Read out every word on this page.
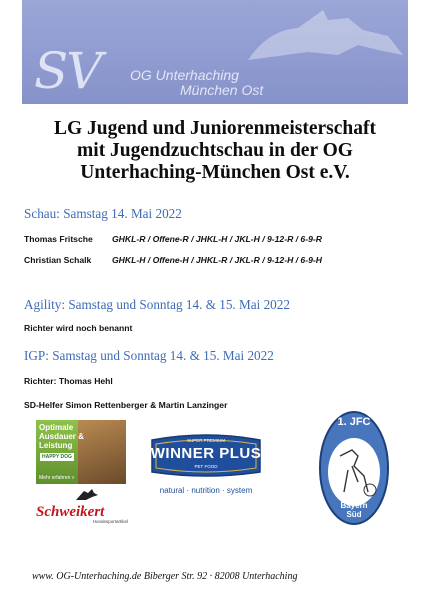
SV OG Unterhaching
München Ost
LG Jugend und Juniorenmeisterschaft
mit Jugendzuchtschau in der OG
Unterhaching-München Ost e.V.
Schau: Samstag 14. Mai 2022
Thomas Fritsche GHKL-R / Offene-R / JHKL-H / JKL-H / 9-12-R / 6-9-R
Christian Schalk GHKL-H / Offene-H / JHKL-R / JKL-R / 9-12-H / 6-9-H
Agility: Samstag und Sonntag 14. & 15. Mai 2022
Richter wird noch benannt
IGP: Samstag und Sonntag 14. & 15. Mai 2022
Richter: Thomas Hehl
SD-Helfer Simon Rettenberger & Martin Lanzinger
Optimale
Ausdauer &
Leistung
HAPPY DOG
Mehr erfahren »
Schweikert
Hundesportartikel
SUPER PREMIUM
WINNER PLUS
PET FOOD
natural · nutrition · system
1. JFC
Bayern
Süd
www. OG-Unterhaching.de Biberger Str. 92 · 82008 Unterhaching
